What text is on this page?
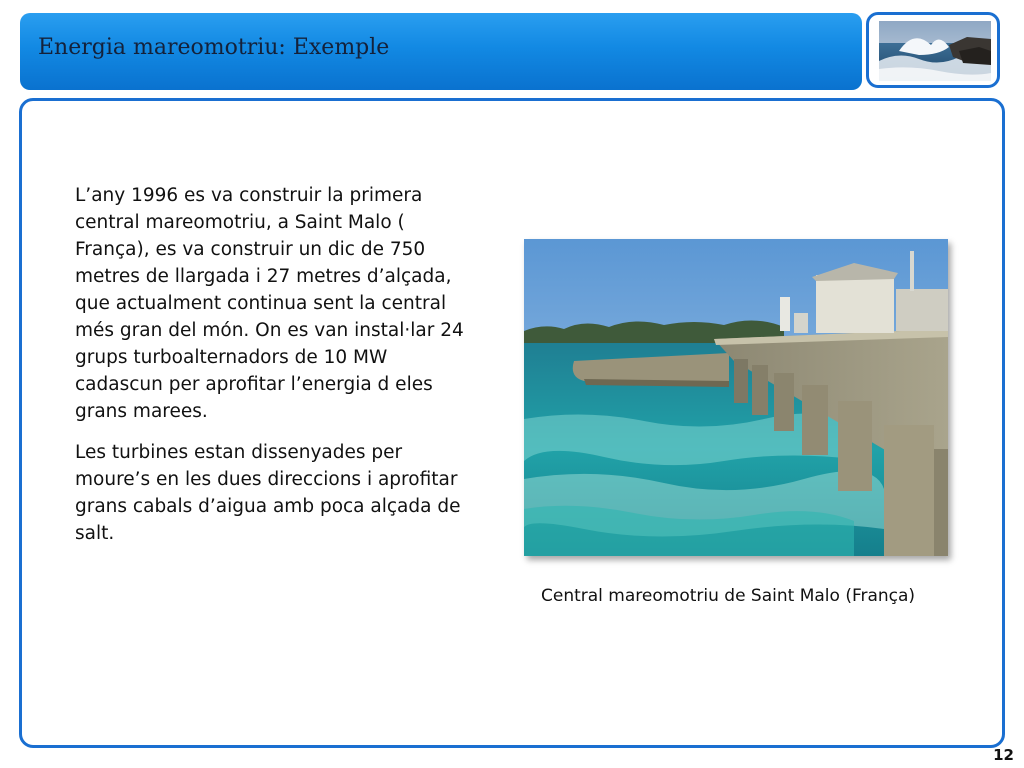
Energia mareomotriu: Exemple

L’any 1996 es va construir la primera central mareomotriu, a Saint Malo ( França), es va construir un dic de 750 metres de llargada i 27 metres d’alçada, que actualment continua sent la central més gran del món. On es van instal·lar 24 grups turboalternadors de 10 MW cadascun per aprofitar l’energia d eles grans marees.

Les turbines estan dissenyades per moure’s en les dues direccions i aprofitar grans cabals d’aigua amb poca alçada de salt.

Central mareomotriu de Saint Malo (França)
12
